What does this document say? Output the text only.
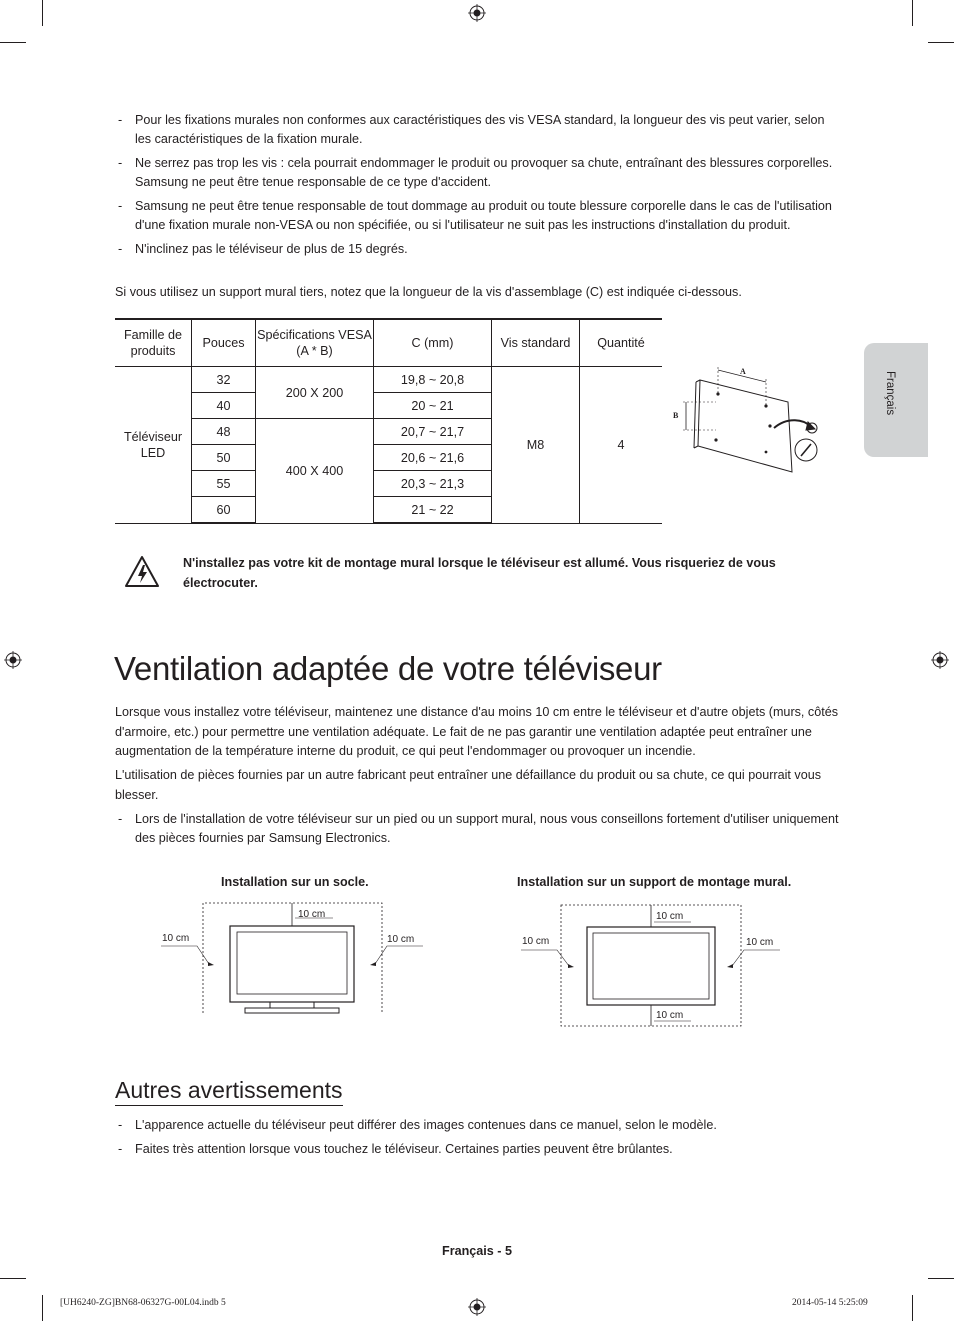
Français
- Pour les fixations murales non conformes aux caractéristiques des vis VESA standard, la longueur des vis peut varier, selon les caractéristiques de la fixation murale.
- Ne serrez pas trop les vis : cela pourrait endommager le produit ou provoquer sa chute, entraînant des blessures corporelles. Samsung ne peut être tenue responsable de ce type d'accident.
- Samsung ne peut être tenue responsable de tout dommage au produit ou toute blessure corporelle dans le cas de l'utilisation d'une fixation murale non-VESA ou non spécifiée, ou si l'utilisateur ne suit pas les instructions d'installation du produit.
- N'inclinez pas le téléviseur de plus de 15 degrés.
Si vous utilisez un support mural tiers, notez que la longueur de la vis d'assemblage (C) est indiquée ci-dessous.
Famille de produits	Pouces	Spécifications VESA (A * B)	C (mm)	Vis standard	Quantité
Téléviseur LED	32	200 X 200	19,8 ~ 20,8	M8	4
	40		20 ~ 21		
	48	400 X 400	20,7 ~ 21,7		
	50		20,6 ~ 21,6		
	55		20,3 ~ 21,3		
	60		21 ~ 22		
A
B
N'installez pas votre kit de montage mural lorsque le téléviseur est allumé. Vous risqueriez de vous électrocuter.
Ventilation adaptée de votre téléviseur
Lorsque vous installez votre téléviseur, maintenez une distance d'au moins 10 cm entre le téléviseur et d'autre objets (murs, côtés d'armoire, etc.) pour permettre une ventilation adéquate. Le fait de ne pas garantir une ventilation adaptée peut entraîner une augmentation de la température interne du produit, ce qui peut l'endommager ou provoquer un incendie.
L'utilisation de pièces fournies par un autre fabricant peut entraîner une défaillance du produit ou sa chute, ce qui pourrait vous blesser.
- Lors de l'installation de votre téléviseur sur un pied ou un support mural, nous vous conseillons fortement d'utiliser uniquement des pièces fournies par Samsung Electronics.
Installation sur un socle.	Installation sur un support de montage mural.
10 cm
10 cm	10 cm
10 cm
10 cm
10 cm	10 cm
Autres avertissements
- L'apparence actuelle du téléviseur peut différer des images contenues dans ce manuel, selon le modèle.
- Faites très attention lorsque vous touchez le téléviseur. Certaines parties peuvent être brûlantes.
Français - 5
[UH6240-ZG]BN68-06327G-00L04.indb 5	2014-05-14 5:25:09
